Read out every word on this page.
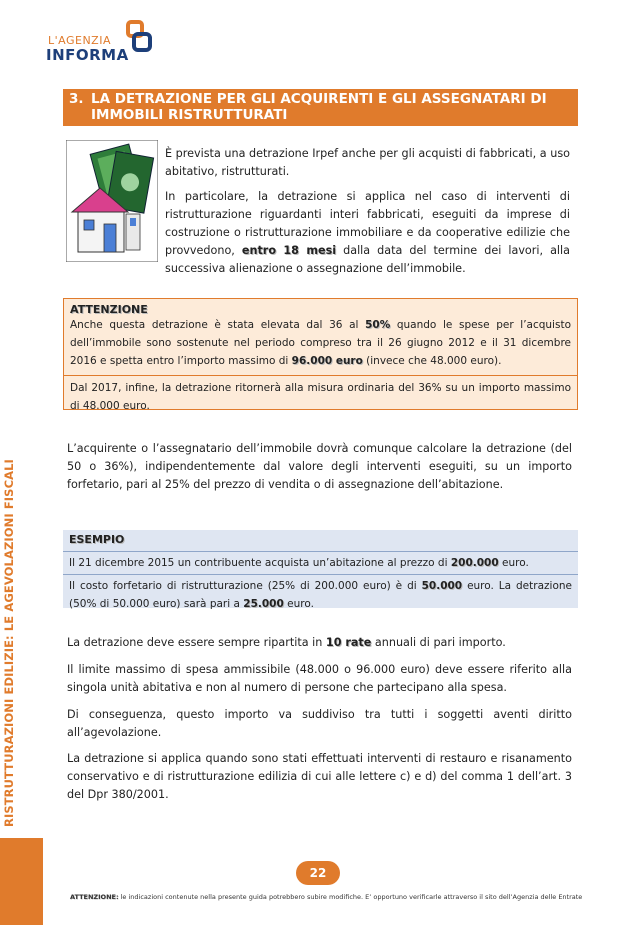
L'AGENZIA
INFORMA
RISTRUTTURAZIONI EDILIZIE: LE AGEVOLAZIONI FISCALI
3. LA DETRAZIONE PER GLI ACQUIRENTI E GLI ASSEGNATARI DI
IMMOBILI RISTRUTTURATI
È prevista una detrazione Irpef anche per gli acquisti di fabbricati, a uso abitativo, ristrutturati.
In particolare, la detrazione si applica nel caso di interventi di ristrutturazione riguardanti interi fabbricati, eseguiti da imprese di costruzione o ristrutturazione immobiliare e da cooperative edilizie che provvedono, entro 18 mesi dalla data del termine dei lavori, alla successiva alienazione o assegnazione dell’immobile.
ATTENZIONE
Anche questa detrazione è stata elevata dal 36 al 50% quando le spese per l’acquisto dell’immobile sono sostenute nel periodo compreso tra il 26 giugno 2012 e il 31 dicembre 2016 e spetta entro l’importo massimo di 96.000 euro (invece che 48.000 euro).
Dal 2017, infine, la detrazione ritornerà alla misura ordinaria del 36% su un importo massimo di 48.000 euro.
L’acquirente o l’assegnatario dell’immobile dovrà comunque calcolare la detrazione (del 50 o 36%), indipendentemente dal valore degli interventi eseguiti, su un importo forfetario, pari al 25% del prezzo di vendita o di assegnazione dell’abitazione.
ESEMPIO
Il 21 dicembre 2015 un contribuente acquista un’abitazione al prezzo di 200.000 euro.
Il costo forfetario di ristrutturazione (25% di 200.000 euro) è di 50.000 euro. La detrazione (50% di 50.000 euro) sarà pari a 25.000 euro.
La detrazione deve essere sempre ripartita in 10 rate annuali di pari importo.
Il limite massimo di spesa ammissibile (48.000 o 96.000 euro) deve essere riferito alla singola unità abitativa e non al numero di persone che partecipano alla spesa.
Di conseguenza, questo importo va suddiviso tra tutti i soggetti aventi diritto all’agevolazione.
La detrazione si applica quando sono stati effettuati interventi di restauro e risanamento conservativo e di ristrutturazione edilizia di cui alle lettere c) e d) del comma 1 dell’art. 3 del Dpr 380/2001.
22
ATTENZIONE: le indicazioni contenute nella presente guida potrebbero subire modifiche. E’ opportuno verificarle attraverso il sito dell’Agenzia delle Entrate
